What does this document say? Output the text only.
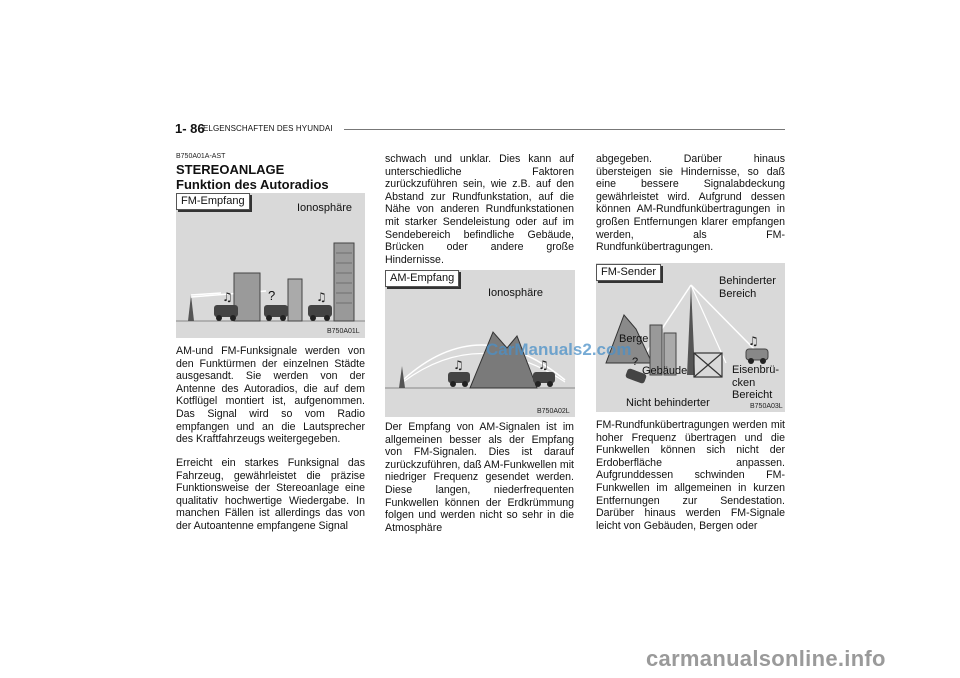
1- 86
ELGENSCHAFTEN DES HYUNDAI
B750A01A-AST
STEREOANLAGE
Funktion des Autoradios
♫	♫
FM-Empfang
Ionosphäre
?
B750A01L
AM-und FM-Funksignale werden von den Funktürmen der einzelnen Städte ausgesandt. Sie werden von der Antenne des Autoradios, die auf dem Kotflügel montiert ist, aufgenommen. Das Signal wird so vom Radio empfangen und an die Lautsprecher des Kraftfahrzeugs weitergegeben.
Erreicht ein starkes Funksignal das Fahrzeug, gewährleistet die präzise Funktionsweise der Stereoanlage eine qualitativ hochwertige Wiedergabe. In manchen Fällen ist allerdings das von der Autoantenne empfangene Signal
schwach und unklar. Dies kann auf unterschiedliche Faktoren zurückzuführen sein, wie z.B. auf den Abstand zur Rundfunkstation, auf die Nähe von anderen Rundfunkstationen mit starker Sendeleistung oder auf im Sendebereich befindliche Gebäude, Brücken oder andere große Hindernisse.
♫	♫
AM-Empfang
Ionosphäre
B750A02L
Der Empfang von AM-Signalen ist im allgemeinen besser als der Empfang von FM-Signalen. Dies ist darauf zurückzuführen, daß AM-Funkwellen mit niedriger Frequenz gesendet werden. Diese langen, niederfrequenten Funkwellen können der Erdkrümmung folgen und werden nicht so sehr in die Atmosphäre
abgegeben. Darüber hinaus übersteigen sie Hindernisse, so daß eine bessere Signalabdeckung gewährleistet wird. Aufgrund dessen können AM-Rundfunkübertragungen in großen Entfernungen klarer empfangen werden, als FM-Rundfunkübertragungen.
♫
FM-Sender
Behinderter Bereich
Berge
?
Gebäude	Eisenbrü- cken Bereicht
Nicht behinderter	B750A03L
FM-Rundfunkübertragungen werden mit hoher Frequenz übertragen und die Funkwellen können sich nicht der Erdoberfläche anpassen. Aufgrunddessen schwinden FM-Funkwellen im allgemeinen in kurzen Entfernungen zur Sendestation. Darüber hinaus werden FM-Signale leicht von Gebäuden, Bergen oder
CarManuals2.com
carmanualsonline.info
